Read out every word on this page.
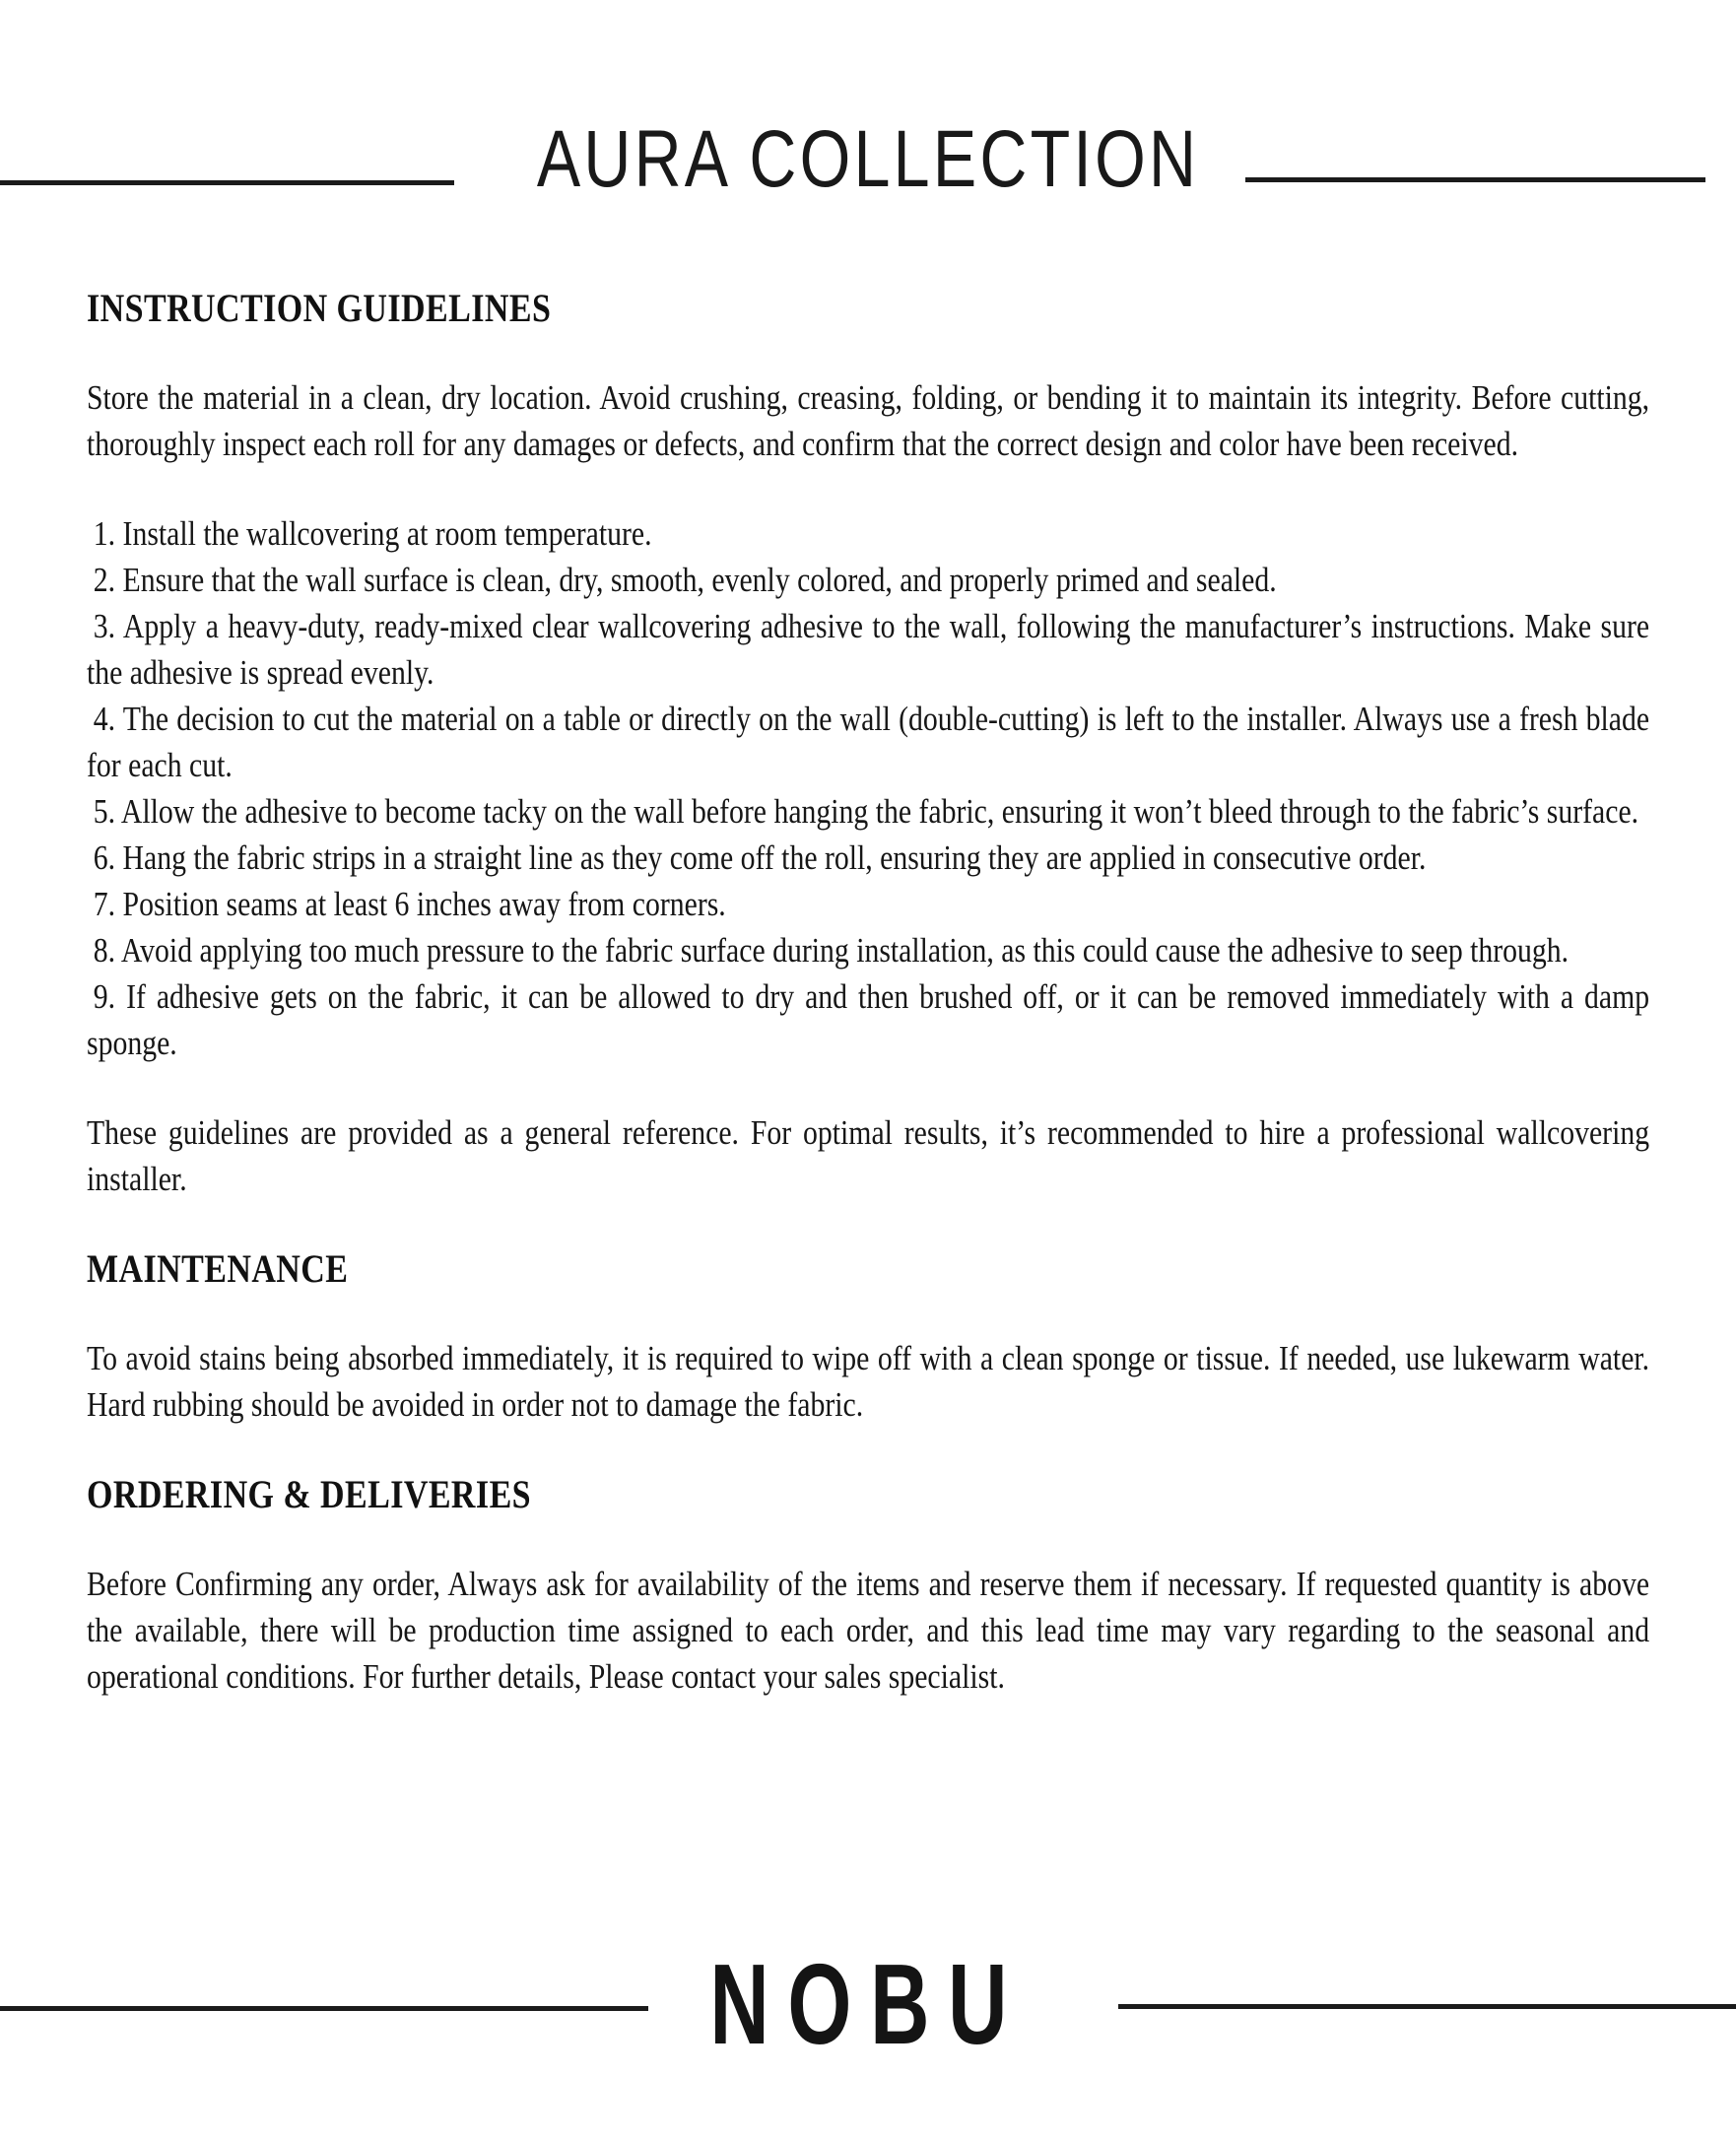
AURA COLLECTION
INSTRUCTION GUIDELINES

Store the material in a clean, dry location. Avoid crushing, creasing, folding, or bending it to maintain its integrity. Before cutting, thoroughly inspect each roll for any damages or defects, and confirm that the correct design and color have been received.

1. Install the wallcovering at room temperature.
2. Ensure that the wall surface is clean, dry, smooth, evenly colored, and properly primed and sealed.
3. Apply a heavy-duty, ready-mixed clear wallcovering adhesive to the wall, following the manufacturer’s instructions. Make sure the adhesive is spread evenly.
4. The decision to cut the material on a table or directly on the wall (double-cutting) is left to the installer. Always use a fresh blade for each cut.
5. Allow the adhesive to become tacky on the wall before hanging the fabric, ensuring it won’t bleed through to the fabric’s surface.
6. Hang the fabric strips in a straight line as they come off the roll, ensuring they are applied in consecutive order.
7. Position seams at least 6 inches away from corners.
8. Avoid applying too much pressure to the fabric surface during installation, as this could cause the adhesive to seep through.
9. If adhesive gets on the fabric, it can be allowed to dry and then brushed off, or it can be removed immediately with a damp sponge.

These guidelines are provided as a general reference. For optimal results, it’s recommended to hire a professional wallcovering installer.

MAINTENANCE

To avoid stains being absorbed immediately, it is required to wipe off with a clean sponge or tissue. If needed, use lukewarm water.  Hard rubbing should be avoided in order not to damage the fabric.

ORDERING & DELIVERIES

Before Confirming any order, Always ask for availability of the items and reserve them if necessary. If requested quantity is above the available, there will be production time assigned to each order, and this lead time may vary regarding to the seasonal and operational conditions. For further details, Please contact your sales specialist.

NOBU
